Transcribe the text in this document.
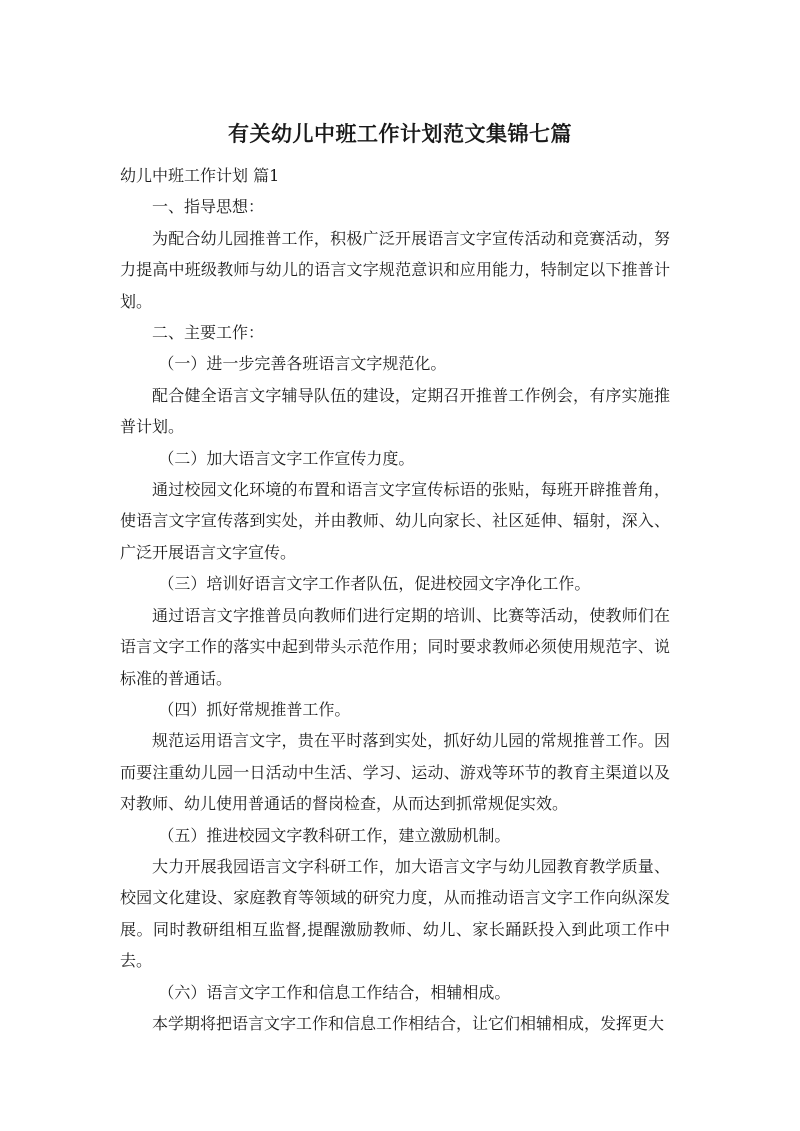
有关幼儿中班工作计划范文集锦七篇

幼儿中班工作计划 篇1

一、指导思想：

为配合幼儿园推普工作，积极广泛开展语言文字宣传活动和竞赛活动，努力提高中班级教师与幼儿的语言文字规范意识和应用能力，特制定以下推普计划。

二、主要工作：

（一）进一步完善各班语言文字规范化。

配合健全语言文字辅导队伍的建设，定期召开推普工作例会，有序实施推普计划。

（二）加大语言文字工作宣传力度。

通过校园文化环境的布置和语言文字宣传标语的张贴，每班开辟推普角，使语言文字宣传落到实处，并由教师、幼儿向家长、社区延伸、辐射，深入、广泛开展语言文字宣传。

（三）培训好语言文字工作者队伍，促进校园文字净化工作。

通过语言文字推普员向教师们进行定期的培训、比赛等活动，使教师们在语言文字工作的落实中起到带头示范作用；同时要求教师必须使用规范字、说标准的普通话。

（四）抓好常规推普工作。

规范运用语言文字，贵在平时落到实处，抓好幼儿园的常规推普工作。因而要注重幼儿园一日活动中生活、学习、运动、游戏等环节的教育主渠道以及对教师、幼儿使用普通话的督岗检查，从而达到抓常规促实效。

（五）推进校园文字教科研工作，建立激励机制。

大力开展我园语言文字科研工作，加大语言文字与幼儿园教育教学质量、校园文化建设、家庭教育等领域的研究力度，从而推动语言文字工作向纵深发展。同时教研组相互监督,提醒激励教师、幼儿、家长踊跃投入到此项工作中去。

（六）语言文字工作和信息工作结合，相辅相成。

本学期将把语言文字工作和信息工作相结合，让它们相辅相成，发挥更大
